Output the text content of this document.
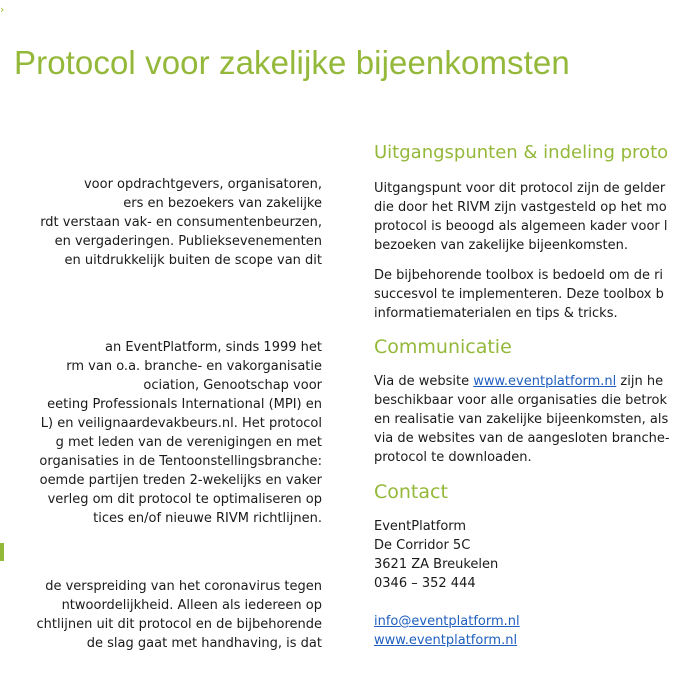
›
Protocol voor zakelijke bijeenkomsten

voor opdrachtgevers, organisatoren,

ers en bezoekers van zakelijke

rdt verstaan vak- en consumentenbeurzen,

en vergaderingen. Publieksevenementen

en uitdrukkelijk buiten de scope van dit

an EventPlatform, sinds 1999 het

rm van o.a. branche- en vakorganisatie

ociation, Genootschap voor

eeting Professionals International (MPI) en

L) en veilignaardevakbeurs.nl. Het protocol

g met leden van de verenigingen en met

organisaties in de Tentoonstellingsbranche:

oemde partijen treden 2-wekelijks en vaker

verleg om dit protocol te optimaliseren op

tices en/of nieuwe RIVM richtlijnen.

de verspreiding van het coronavirus tegen

ntwoordelijkheid. Alleen als iedereen op

chtlijnen uit dit protocol en de bijbehorende

de slag gaat met handhaving, is dat

Uitgangspunten & indeling proto

Uitgangspunt voor dit protocol zijn de gelder

die door het RIVM zijn vastgesteld op het mo

protocol is beoogd als algemeen kader voor l

bezoeken van zakelijke bijeenkomsten.

De bijbehorende toolbox is bedoeld om de ri

succesvol te implementeren. Deze toolbox b

informatiematerialen en tips & tricks.

Communicatie

Via de website www.eventplatform.nl zijn he

beschikbaar voor alle organisaties die betrok

en realisatie van zakelijke bijeenkomsten, als

via de websites van de aangesloten branche-

protocol te downloaden.

Contact

EventPlatform

De Corridor 5C

3621 ZA Breukelen

0346 – 352 444

info@eventplatform.nl

www.eventplatform.nl
